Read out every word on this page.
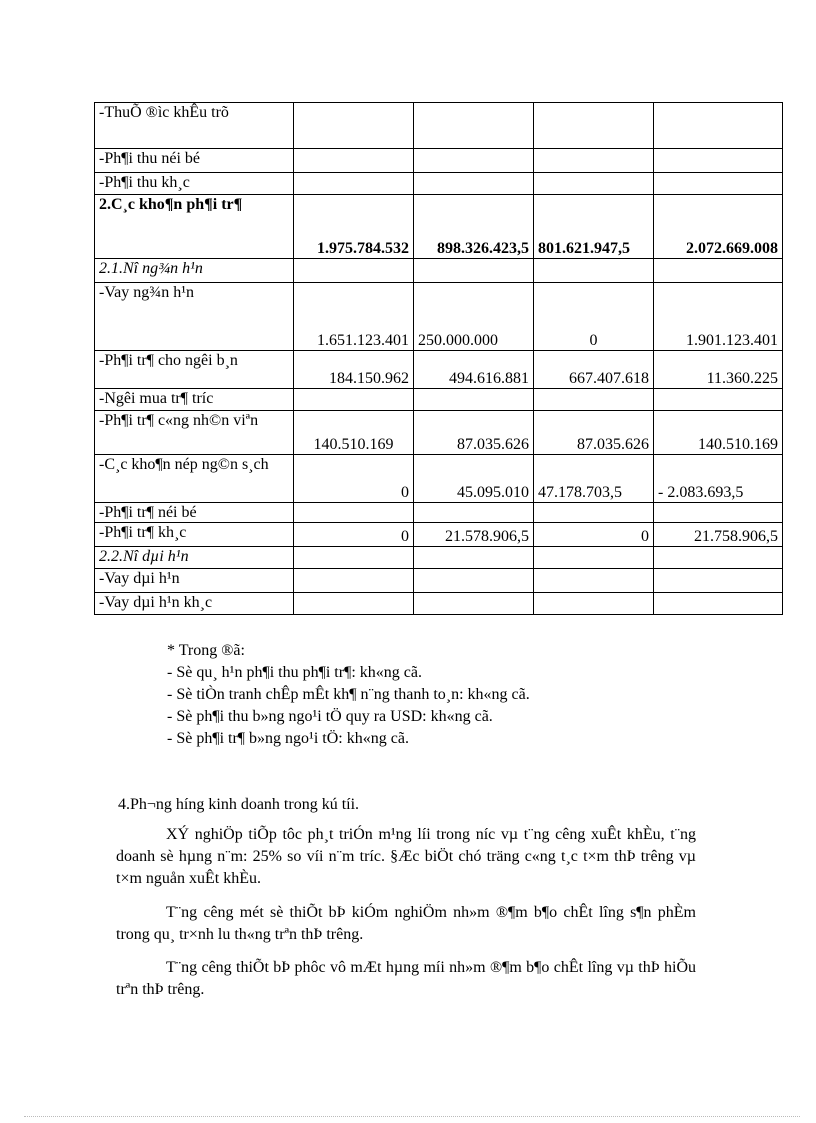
-ThuÕ ®ìc khÊu trõ				
-Ph¶i thu néi bé				
-Ph¶i thu kh¸c				
2.C¸c kho¶n ph¶i tr¶	1.975.784.532	898.326.423,5	801.621.947,5	2.072.669.008
2.1.Nî ng¾n h¹n				
-Vay ng¾n h¹n	1.651.123.401	250.000.000	0	1.901.123.401
-Ph¶i tr¶ cho ngêi b¸n	184.150.962	494.616.881	667.407.618	11.360.225
-Ngêi mua tr¶ tríc				
-Ph¶i tr¶ c«ng nh©n viªn	140.510.169	87.035.626	87.035.626	140.510.169
-C¸c kho¶n nép ng©n s¸ch	0	45.095.010	47.178.703,5	- 2.083.693,5
-Ph¶i tr¶ néi bé				
-Ph¶i tr¶ kh¸c	0	21.578.906,5	0	21.758.906,5
2.2.Nî dµi h¹n				
-Vay dµi h¹n				
-Vay dµi h¹n kh¸c				
* Trong ®ã:
- Sè qu¸ h¹n ph¶i thu ph¶i tr¶: kh«ng cã.
- Sè tiÒn tranh chÊp mÊt kh¶ n¨ng thanh to¸n: kh«ng cã.
- Sè ph¶i thu b»ng ngo¹i tÖ quy ra USD: kh«ng cã.
- Sè ph¶i tr¶ b»ng ngo¹i tÖ: kh«ng cã.
4.Ph¬ng híng kinh doanh trong kú tíi.
XÝ nghiÖp tiÕp tôc ph¸t triÓn m¹ng líi trong níc vµ t¨ng cêng xuÊt khÈu, t¨ng doanh sè hµng n¨m: 25% so víi n¨m tríc. §Æc biÖt chó träng c«ng t¸c t×m thÞ trêng vµ t×m nguån xuÊt khÈu.
T¨ng cêng mét sè thiÕt bÞ kiÓm nghiÖm nh»m ®¶m b¶o chÊt lîng s¶n phÈm trong qu¸ tr×nh lu th«ng trªn thÞ trêng.
T¨ng cêng thiÕt bÞ phôc vô mÆt hµng míi nh»m ®¶m b¶o chÊt lîng vµ thÞ hiÕu trªn thÞ trêng.
